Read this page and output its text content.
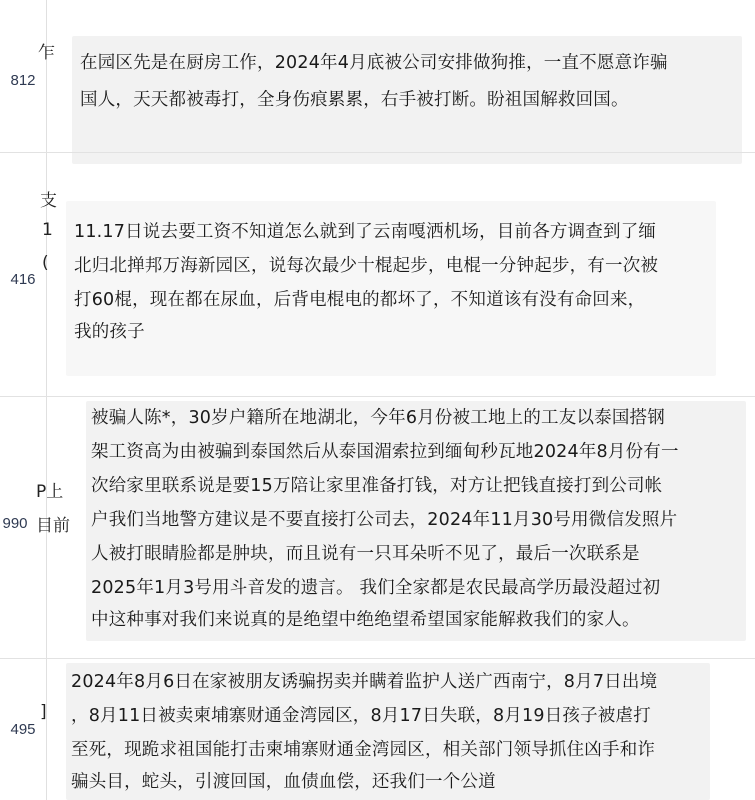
812
乍 在园区先是在厨房工作，2024年4月底被公司安排做狗推，一直不愿意诈骗
国人，天天都被毒打，全身伤痕累累，右手被打断。盼祖国解救回国。
416
支
1
(
11.17日说去要工资不知道怎么就到了云南嘎洒机场，目前各方调查到了缅
北归北掸邦万海新园区，说每次最少十棍起步，电棍一分钟起步，有一次被
打60棍，现在都在尿血，后背电棍电的都坏了，不知道该有没有命回来，
我的孩子
990
P上
目前
被骗人陈*，30岁户籍所在地湖北，今年6月份被工地上的工友以泰国搭钢
架工资高为由被骗到泰国然后从泰国湄索拉到缅甸秒瓦地2024年8月份有一
次给家里联系说是要15万陪让家里准备打钱，对方让把钱直接打到公司帐
户我们当地警方建议是不要直接打公司去，2024年11月30号用微信发照片
人被打眼睛脸都是肿块，而且说有一只耳朵听不见了，最后一次联系是
2025年1月3号用斗音发的遗言。 我们全家都是农民最高学历最没超过初
中这种事对我们来说真的是绝望中绝绝望希望国家能解救我们的家人。
495
]
2024年8月6日在家被朋友诱骗拐卖并瞒着监护人送广西南宁，8月7日出境
，8月11日被卖柬埔寨财通金湾园区，8月17日失联，8月19日孩子被虐打
至死，现跪求祖国能打击柬埔寨财通金湾园区，相关部门领导抓住凶手和诈
骗头目，蛇头，引渡回国，血债血偿，还我们一个公道
